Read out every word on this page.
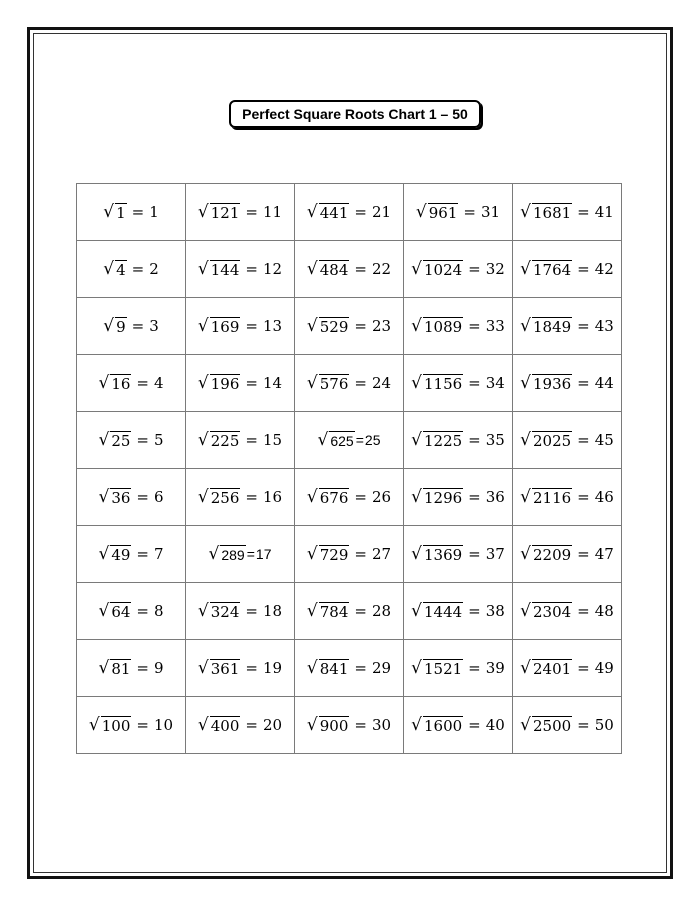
Perfect Square Roots Chart 1 – 50
√ 1 = 1	√ 121 = 11	√ 441 = 21	√ 961 = 31	√ 1681 = 41

√ 4 = 2	√ 144 = 12	√ 484 = 22	√ 1024 = 32	√ 1764 = 42

√ 9 = 3	√ 169 = 13	√ 529 = 23	√ 1089 = 33	√ 1849 = 43

√ 16 = 4	√ 196 = 14	√ 576 = 24	√ 1156 = 34	√ 1936 = 44

√ 25 = 5	√ 225 = 15	√ 625 = 25	√ 1225 = 35	√ 2025 = 45

√ 36 = 6	√ 256 = 16	√ 676 = 26	√ 1296 = 36	√ 2116 = 46

√ 49 = 7	√ 289 = 17	√ 729 = 27	√ 1369 = 37	√ 2209 = 47

√ 64 = 8	√ 324 = 18	√ 784 = 28	√ 1444 = 38	√ 2304 = 48

√ 81 = 9	√ 361 = 19	√ 841 = 29	√ 1521 = 39	√ 2401 = 49

√ 100 = 10	√ 400 = 20	√ 900 = 30	√ 1600 = 40	√ 2500 = 50
